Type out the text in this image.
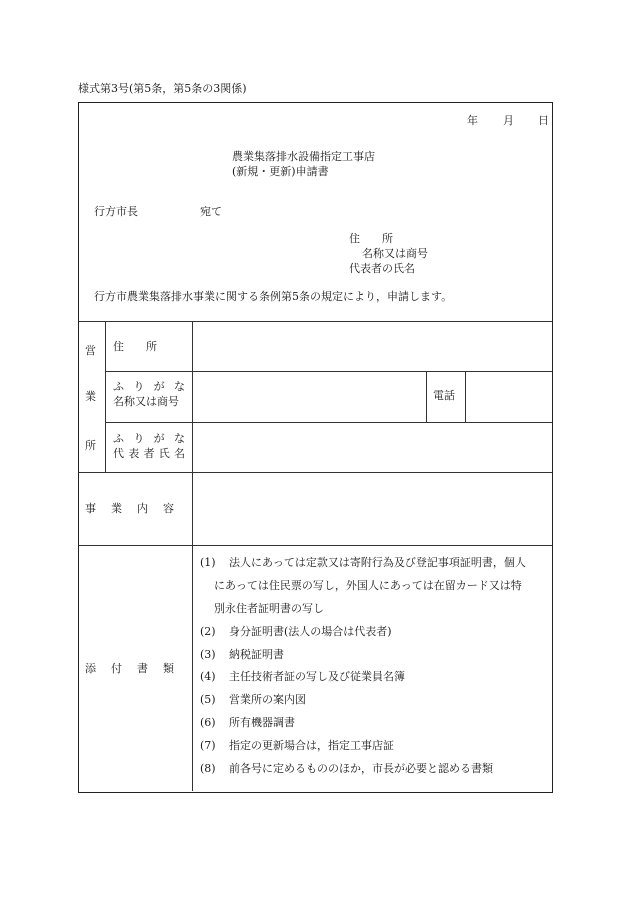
様式第3号(第5条，第5条の3関係)
年 月 日
農業集落排水設備指定工事店
(新規・更新)申請書
行方市長	宛て
住　　所
名称又は商号
代表者の氏名
行方市農業集落排水事業に関する条例第5条の規定により，申請します。
営
業
所
住　　所
ふ り が な
名称又は商号	電話
ふ り が な
代 表 者 氏 名
事　業　内　容
添　付　書　類
(1) 法人にあっては定款又は寄附行為及び登記事項証明書，個人
にあっては住民票の写し，外国人にあっては在留カード又は特
別永住者証明書の写し
(2) 身分証明書(法人の場合は代表者)
(3) 納税証明書
(4) 主任技術者証の写し及び従業員名簿
(5) 営業所の案内図
(6) 所有機器調書
(7) 指定の更新場合は，指定工事店証
(8) 前各号に定めるもののほか，市長が必要と認める書類
